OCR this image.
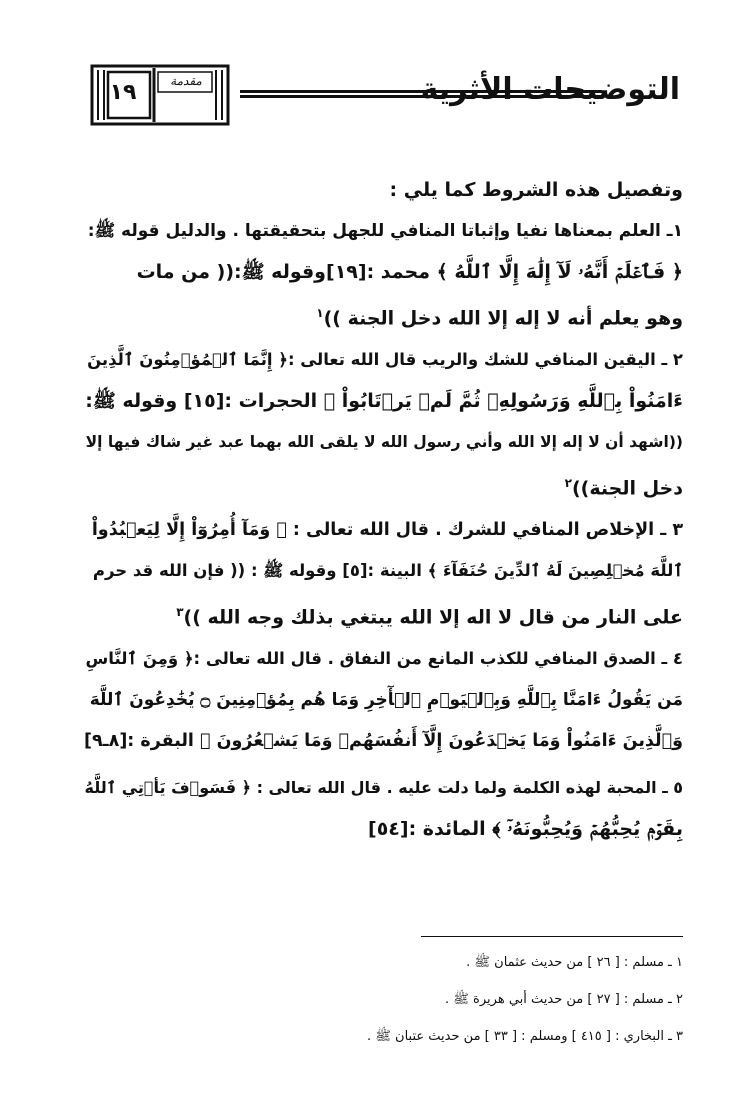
١٩	مقدمة	التوضيحات الأثرية
وتفصيل هذه الشروط كما يلي :
١ـ العلم بمعناها نفيا وإثباتا المنافي للجهل بتحقيقتها . والدليل قوله ﷺ:
﴿ فَٱعۡلَمۡ أَنَّهُۥ لَآ إِلَٰهَ إِلَّا ٱللَّهُ ﴾ محمد :[١٩]وقوله ﷺ:(( من مات
وهو يعلم أنه لا إله إلا الله دخل الجنة ))$^١$
٢ ـ اليقين المنافي للشك والريب قال الله تعالى :﴿ إِنَّمَا ٱلۡمُؤۡمِنُونَ ٱلَّذِينَ
ءَامَنُواْ بِٱللَّهِ وَرَسُولِهِۦ ثُمَّ لَمۡ يَرۡتَابُواْ ﴾ الحجرات :[١٥] وقوله ﷺ:
((اشهد أن لا إله إلا الله وأني رسول الله لا يلقى الله بهما عبد غير شاك فيها إلا
دخل الجنة))$^٢$
٣ ـ الإخلاص المنافي للشرك . قال الله تعالى : ﴿ وَمَآ أُمِرُوٓاْ إِلَّا لِيَعۡبُدُواْ
ٱللَّهَ مُخۡلِصِينَ لَهُ ٱلدِّينَ حُنَفَآءَ ﴾ البينة :[٥] وقوله ﷺ : (( فإن الله قد حرم
على النار من قال لا اله إلا الله يبتغي بذلك وجه الله ))$^٣$
٤ ـ الصدق المنافي للكذب المانع من النفاق . قال الله تعالى :﴿ وَمِنَ ٱلنَّاسِ
مَن يَقُولُ ءَامَنَّا بِٱللَّهِ وَبِٱلۡيَوۡمِ ٱلۡأٓخِرِ وَمَا هُم بِمُؤۡمِنِينَ ۝ يُخَٰدِعُونَ ٱللَّهَ
وَٱلَّذِينَ ءَامَنُواْ وَمَا يَخۡدَعُونَ إِلَّآ أَنفُسَهُمۡ وَمَا يَشۡعُرُونَ ﴾ البقرة :[٨ـ٩]
٥ ـ المحبة لهذه الكلمة ولما دلت عليه . قال الله تعالى : ﴿ فَسَوۡفَ يَأۡتِي ٱللَّهُ
بِقَوۡمٖ يُحِبُّهُمۡ وَيُحِبُّونَهُۥٓ ﴾ المائدة :[٥٤]
١ ـ مسلم : [ ٢٦ ] من حديث عثمان ﷺ .
٢ ـ مسلم : [ ٢٧ ] من حديث أبي هريرة ﷺ .
٣ ـ البخاري : [ ٤١٥ ] ومسلم : [ ٣٣ ] من حديث عتبان ﷺ .
